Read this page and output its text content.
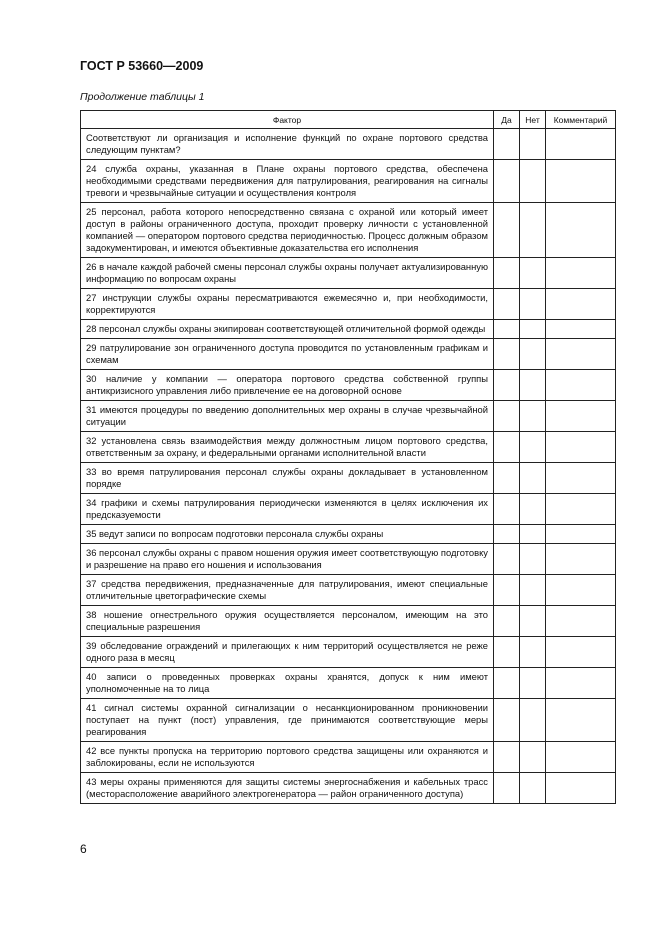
ГОСТ Р 53660—2009
Продолжение таблицы 1
Фактор	Да	Нет	Комментарий
Соответствуют ли организация и исполнение функций по охране портового средства следующим пунктам?			
24 служба охраны, указанная в Плане охраны портового средства, обеспечена необходимыми средствами передвижения для патрулирования, реагирования на сигналы тревоги и чрезвычайные ситуации и осуществления контроля			
25 персонал, работа которого непосредственно связана с охраной или который имеет доступ в районы ограниченного доступа, проходит проверку личности с установленной компанией — оператором портового средства периодичностью. Процесс должным образом задокументирован, и имеются объективные доказательства его исполнения			
26 в начале каждой рабочей смены персонал службы охраны получает актуализированную информацию по вопросам охраны			
27 инструкции службы охраны пересматриваются ежемесячно и, при необходимости, корректируются			
28 персонал службы охраны экипирован соответствующей отличительной формой одежды			
29 патрулирование зон ограниченного доступа проводится по установленным графикам и схемам			
30 наличие у компании — оператора портового средства собственной группы антикризисного управления либо привлечение ее на договорной основе			
31 имеются процедуры по введению дополнительных мер охраны в случае чрезвычайной ситуации			
32 установлена связь взаимодействия между должностным лицом портового средства, ответственным за охрану, и федеральными органами исполнительной власти			
33 во время патрулирования персонал службы охраны докладывает в установленном порядке			
34 графики и схемы патрулирования периодически изменяются в целях исключения их предсказуемости			
35 ведут записи по вопросам подготовки персонала службы охраны			
36 персонал службы охраны с правом ношения оружия имеет соответствующую подготовку и разрешение на право его ношения и использования			
37 средства передвижения, предназначенные для патрулирования, имеют специальные отличительные цветографические схемы			
38 ношение огнестрельного оружия осуществляется персоналом, имеющим на это специальные разрешения			
39 обследование ограждений и прилегающих к ним территорий осуществляется не реже одного раза в месяц			
40 записи о проведенных проверках охраны хранятся, допуск к ним имеют уполномоченные на то лица			
41 сигнал системы охранной сигнализации о несанкционированном проникновении поступает на пункт (пост) управления, где принимаются соответствующие меры реагирования			
42 все пункты пропуска на территорию портового средства защищены или охраняются и заблокированы, если не используются			
43 меры охраны применяются для защиты системы энергоснабжения и кабельных трасс (месторасположение аварийного электрогенератора — район ограниченного доступа)			
6
